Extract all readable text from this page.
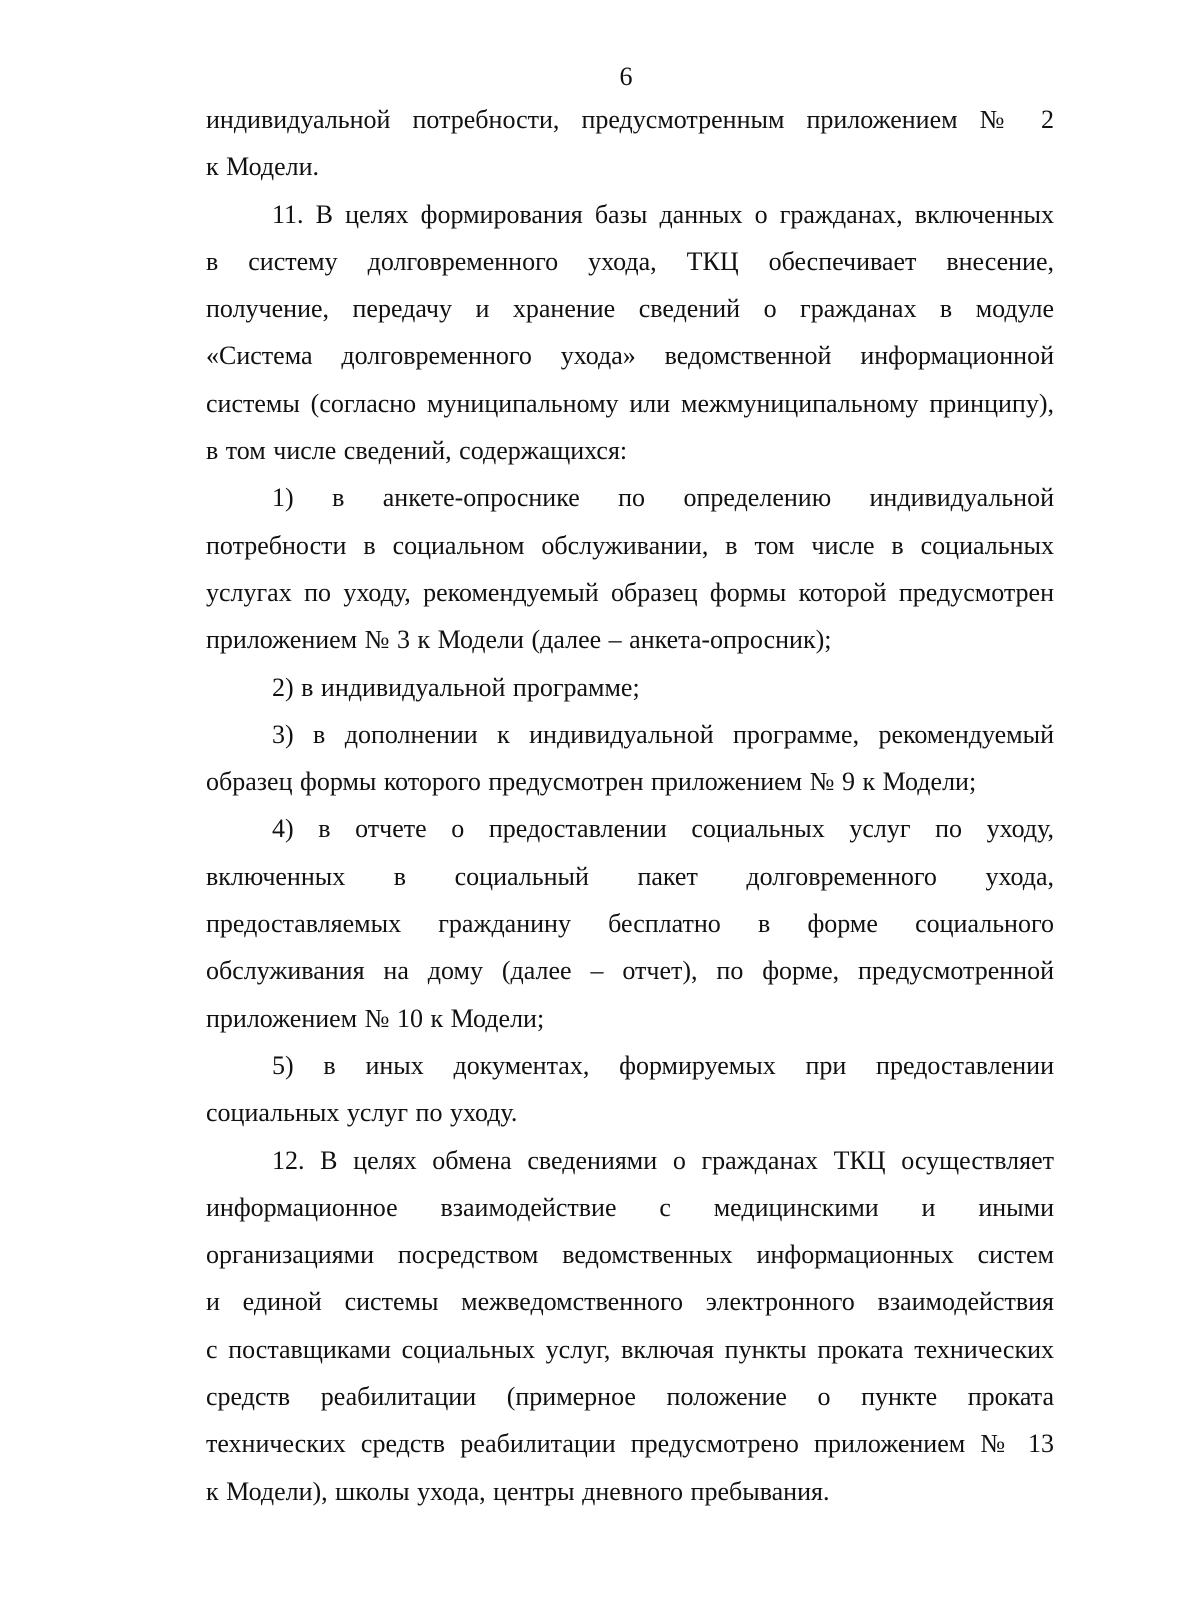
6

индивидуальной потребности, предусмотренным приложением № 2
к Модели.

11. В целях формирования базы данных о гражданах, включенных
в систему долговременного ухода, ТКЦ обеспечивает внесение,
получение, передачу и хранение сведений о гражданах в модуле
«Система долговременного ухода» ведомственной информационной
системы (согласно муниципальному или межмуниципальному принципу),
в том числе сведений, содержащихся:

1) в анкете-опроснике по определению индивидуальной
потребности в социальном обслуживании, в том числе в социальных
услугах по уходу, рекомендуемый образец формы которой предусмотрен
приложением № 3 к Модели (далее – анкета-опросник);

2) в индивидуальной программе;

3) в дополнении к индивидуальной программе, рекомендуемый
образец формы которого предусмотрен приложением № 9 к Модели;

4) в отчете о предоставлении социальных услуг по уходу,
включенных в социальный пакет долговременного ухода,
предоставляемых гражданину бесплатно в форме социального
обслуживания на дому (далее – отчет), по форме, предусмотренной
приложением № 10 к Модели;

5) в иных документах, формируемых при предоставлении
социальных услуг по уходу.

12. В целях обмена сведениями о гражданах ТКЦ осуществляет
информационное взаимодействие с медицинскими и иными
организациями посредством ведомственных информационных систем
и единой системы межведомственного электронного взаимодействия
с поставщиками социальных услуг, включая пункты проката технических
средств реабилитации (примерное положение о пункте проката
технических средств реабилитации предусмотрено приложением № 13
к Модели), школы ухода, центры дневного пребывания.
